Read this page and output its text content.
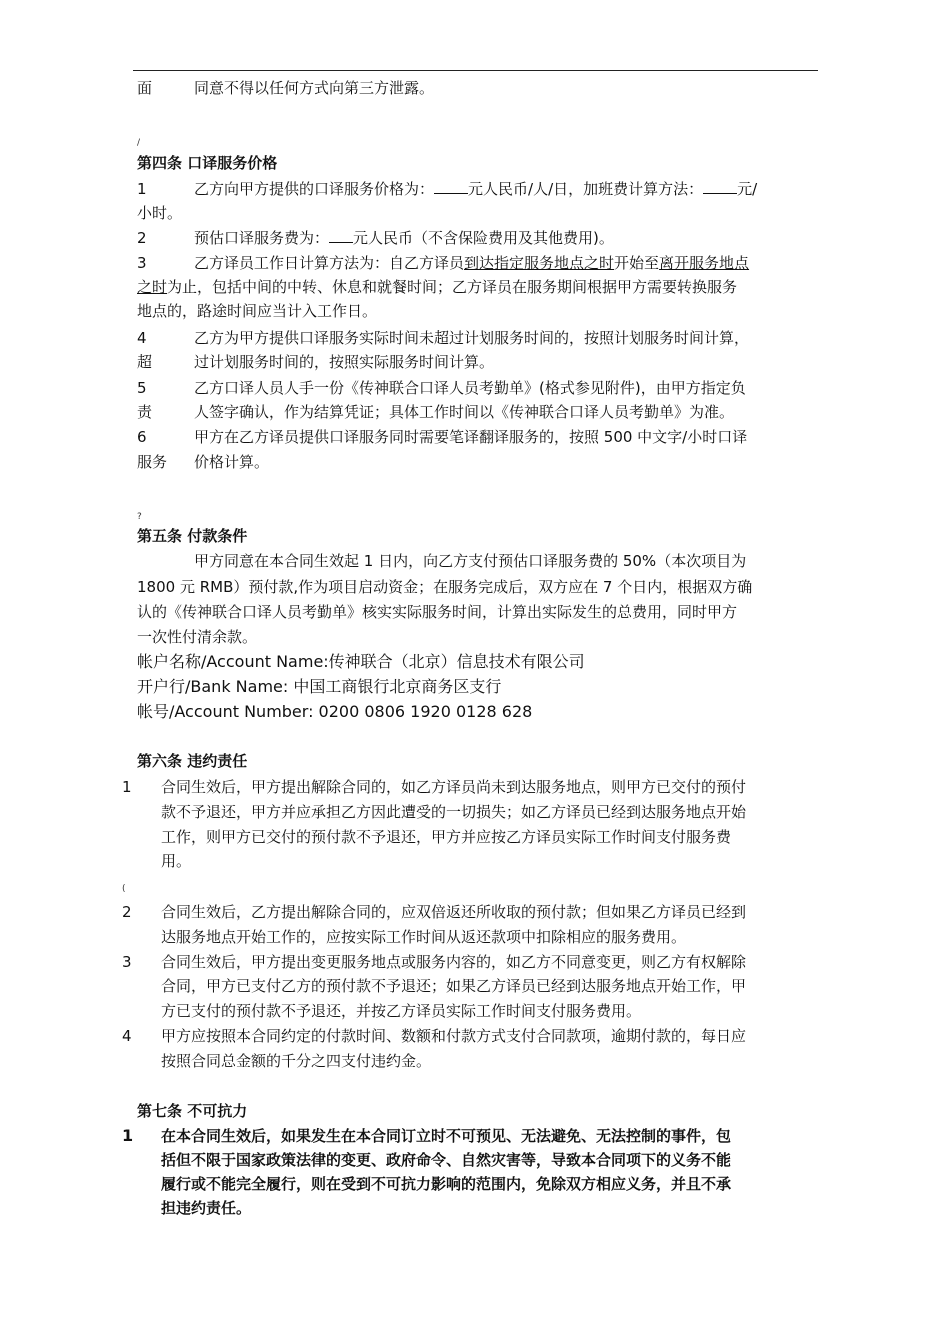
面	同意不得以任何方式向第三方泄露。
/
第四条 口译服务价格
1	乙方向甲方提供的口译服务价格为： 元人民币/人/日，加班费计算方法： 元/
小时。
2	预估口译服务费为： 元人民币（不含保险费用及其他费用)。
3	乙方译员工作日计算方法为：自乙方译员到达指定服务地点之时开始至离开服务地点
之时为止，包括中间的中转、休息和就餐时间；乙方译员在服务期间根据甲方需要转换服务
地点的，路途时间应当计入工作日。
4	乙方为甲方提供口译服务实际时间未超过计划服务时间的，按照计划服务时间计算，
超	过计划服务时间的，按照实际服务时间计算。
5	乙方口译人员人手一份《传神联合口译人员考勤单》(格式参见附件)，由甲方指定负
责	人签字确认，作为结算凭证；具体工作时间以《传神联合口译人员考勤单》为准。
6	甲方在乙方译员提供口译服务同时需要笔译翻译服务的，按照 500 中文字/小时口译
服务 价格计算。
?
第五条 付款条件
甲方同意在本合同生效起 1 日内，向乙方支付预估口译服务费的 50%（本次项目为
1800 元 RMB）预付款,作为项目启动资金；在服务完成后，双方应在 7 个日内，根据双方确
认的《传神联合口译人员考勤单》核实实际服务时间，计算出实际发生的总费用，同时甲方
一次性付清余款。
帐户名称/Account Name:传神联合（北京）信息技术有限公司
开户行/Bank Name: 中国工商银行北京商务区支行
帐号/Account Number: 0200 0806 1920 0128 628
第六条 违约责任
1 合同生效后，甲方提出解除合同的，如乙方译员尚未到达服务地点，则甲方已交付的预付
款不予退还，甲方并应承担乙方因此遭受的一切损失；如乙方译员已经到达服务地点开始
工作，则甲方已交付的预付款不予退还，甲方并应按乙方译员实际工作时间支付服务费
用。
(
2 合同生效后，乙方提出解除合同的，应双倍返还所收取的预付款；但如果乙方译员已经到
达服务地点开始工作的，应按实际工作时间从返还款项中扣除相应的服务费用。
3 合同生效后，甲方提出变更服务地点或服务内容的，如乙方不同意变更，则乙方有权解除
合同，甲方已支付乙方的预付款不予退还；如果乙方译员已经到达服务地点开始工作，甲
方已支付的预付款不予退还，并按乙方译员实际工作时间支付服务费用。
4 甲方应按照本合同约定的付款时间、数额和付款方式支付合同款项，逾期付款的，每日应
按照合同总金额的千分之四支付违约金。
第七条 不可抗力
1 在本合同生效后，如果发生在本合同订立时不可预见、无法避免、无法控制的事件，包
括但不限于国家政策法律的变更、政府命令、自然灾害等，导致本合同项下的义务不能
履行或不能完全履行，则在受到不可抗力影响的范围内，免除双方相应义务，并且不承
担违约责任。
